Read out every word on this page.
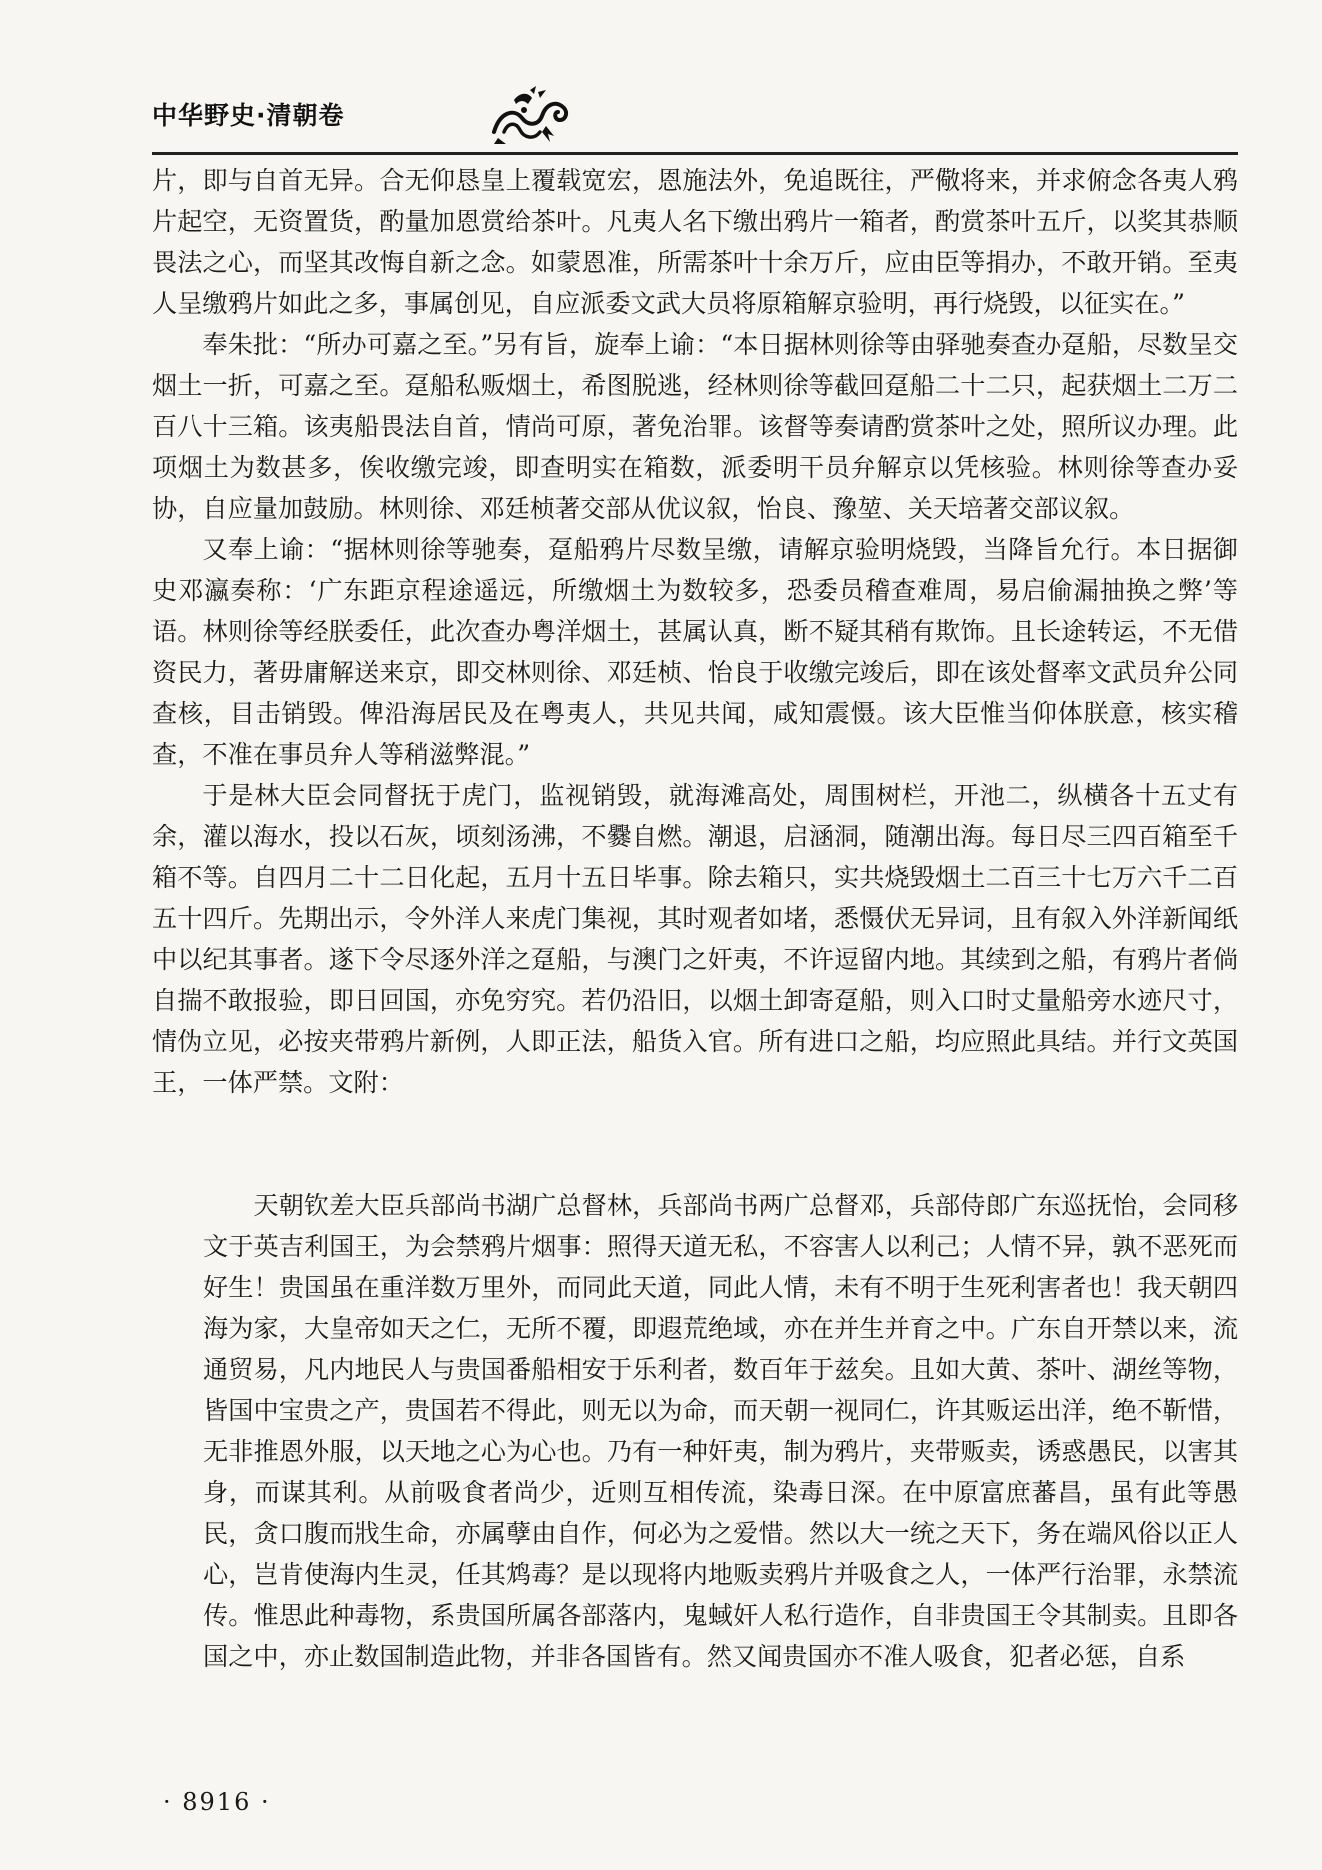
中华野史·清朝卷

片，即与自首无异。合无仰恳皇上覆载宽宏，恩施法外，免追既往，严儆将来，并求俯念各夷人鸦片起空，无资置货，酌量加恩赏给茶叶。凡夷人名下缴出鸦片一箱者，酌赏茶叶五斤，以奖其恭顺畏法之心，而坚其改悔自新之念。如蒙恩准，所需茶叶十余万斤，应由臣等捐办，不敢开销。至夷人呈缴鸦片如此之多，事属创见，自应派委文武大员将原箱解京验明，再行烧毁，以征实在。”

奉朱批：“所办可嘉之至。”另有旨，旋奉上谕：“本日据林则徐等由驿驰奏查办趸船，尽数呈交烟土一折，可嘉之至。趸船私贩烟土，希图脱逃，经林则徐等截回趸船二十二只，起获烟土二万二百八十三箱。该夷船畏法自首，情尚可原，著免治罪。该督等奏请酌赏茶叶之处，照所议办理。此项烟土为数甚多，俟收缴完竣，即查明实在箱数，派委明干员弁解京以凭核验。林则徐等查办妥协，自应量加鼓励。林则徐、邓廷桢著交部从优议叙，怡良、豫堃、关天培著交部议叙。

又奉上谕：“据林则徐等驰奏，趸船鸦片尽数呈缴，请解京验明烧毁，当降旨允行。本日据御史邓瀛奏称：‘广东距京程途遥远，所缴烟土为数较多，恐委员稽查难周，易启偷漏抽换之弊’等语。林则徐等经朕委任，此次查办粤洋烟土，甚属认真，断不疑其稍有欺饰。且长途转运，不无借资民力，著毋庸解送来京，即交林则徐、邓廷桢、怡良于收缴完竣后，即在该处督率文武员弁公同查核，目击销毁。俾沿海居民及在粤夷人，共见共闻，咸知震慑。该大臣惟当仰体朕意，核实稽查，不准在事员弁人等稍滋弊混。”

于是林大臣会同督抚于虎门，监视销毁，就海滩高处，周围树栏，开池二，纵横各十五丈有余，灌以海水，投以石灰，顷刻汤沸，不爨自燃。潮退，启涵洞，随潮出海。每日尽三四百箱至千箱不等。自四月二十二日化起，五月十五日毕事。除去箱只，实共烧毁烟土二百三十七万六千二百五十四斤。先期出示，令外洋人来虎门集视，其时观者如堵，悉慑伏无异词，且有叙入外洋新闻纸中以纪其事者。遂下令尽逐外洋之趸船，与澳门之奸夷，不许逗留内地。其续到之船，有鸦片者倘自揣不敢报验，即日回国，亦免穷究。若仍沿旧，以烟土卸寄趸船，则入口时丈量船旁水迹尺寸，情伪立见，必按夹带鸦片新例，人即正法，船货入官。所有进口之船，均应照此具结。并行文英国王，一体严禁。文附：

天朝钦差大臣兵部尚书湖广总督林，兵部尚书两广总督邓，兵部侍郎广东巡抚怡，会同移文于英吉利国王，为会禁鸦片烟事：照得天道无私，不容害人以利己；人情不异，孰不恶死而好生！贵国虽在重洋数万里外，而同此天道，同此人情，未有不明于生死利害者也！我天朝四海为家，大皇帝如天之仁，无所不覆，即遐荒绝域，亦在并生并育之中。广东自开禁以来，流通贸易，凡内地民人与贵国番船相安于乐利者，数百年于兹矣。且如大黄、茶叶、湖丝等物，皆国中宝贵之产，贵国若不得此，则无以为命，而天朝一视同仁，许其贩运出洋，绝不靳惜，无非推恩外服，以天地之心为心也。乃有一种奸夷，制为鸦片，夹带贩卖，诱惑愚民，以害其身，而谋其利。从前吸食者尚少，近则互相传流，染毒日深。在中原富庶蕃昌，虽有此等愚民，贪口腹而戕生命，亦属孽由自作，何必为之爱惜。然以大一统之天下，务在端风俗以正人心，岂肯使海内生灵，任其鸩毒？是以现将内地贩卖鸦片并吸食之人，一体严行治罪，永禁流传。惟思此种毒物，系贵国所属各部落内，鬼蜮奸人私行造作，自非贵国王令其制卖。且即各国之中，亦止数国制造此物，并非各国皆有。然又闻贵国亦不准人吸食，犯者必惩，自系

· 8916 ·
